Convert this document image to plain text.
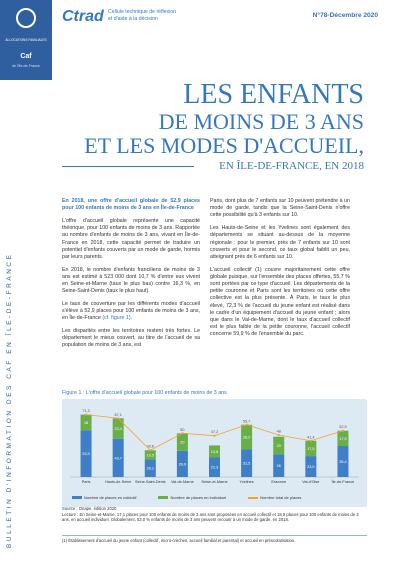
ALLOCATIONS FAMILIALES
Caf
de l'Île-de-France
BULLETIN D'INFORMATION DES CAF EN ÎLE-DE-FRANCE
Ctrad Cellule technique de réflexion et d'aide à la décision	N°78-Décembre 2020
LES ENFANTS
DE MOINS DE 3 ANS
ET LES MODES D'ACCUEIL,
EN ÎLE-DE-FRANCE, EN 2018

En 2018, une offre d'accueil globale de 52,9 places pour 100 enfants de moins de 3 ans en Île-de-France

L'offre d'accueil globale représente une capacité théorique, pour 100 enfants de moins de 3 ans. Rapportée au nombre d'enfants de moins de 3 ans, vivant en Île-de-France en 2018, cette capacité permet de traduire un potentiel d'enfants couverts par un mode de garde, hormis par leurs parents.

En 2018, le nombre d'enfants franciliens de moins de 3 ans est estimé à 523 000 dont 10,7 % d'entre eux vivent en Seine-et-Marne (taux le plus bas) contre 16,3 %, en Seine-Saint-Denis (taux le plus haut).

Le taux de couverture par les différents modes d'accueil s'élève à 52,9 places pour 100 enfants de moins de 3 ans, en Île-de-France (cf. figure 1).

Les disparités entre les territoires restent très fortes. Le département le mieux couvert, au titre de l'accueil de sa population de moins de 3 ans, est

Paris, dont plus de 7 enfants sur 10 peuvent prétendre à un mode de garde, tandis que la Seine-Saint-Denis n'offre cette possibilité qu'à 3 enfants sur 10.

Les Hauts-de-Seine et les Yvelines sont également des départements se situant au-dessus de la moyenne régionale : pour le premier, près de 7 enfants sur 10 sont couverts et pour le second, ce taux global faiblit un peu, atteignant près de 6 enfants sur 10.

L'accueil collectif (1) couvre majoritairement cette offre globale puisque, sur l'ensemble des places offertes, 55,7 % sont portées par ce type d'accueil. Les départements de la petite couronne et Paris sont les territoires où cette offre collective est la plus présente. À Paris, le taux le plus élevé, 72,3 % de l'accueil du jeune enfant est réalisé dans le cadre d'un équipement d'accueil du jeune enfant ; alors que dans le Val-de-Marne, dont le taux d'accueil collectif est le plus faible de la petite couronne, l'accueil collectif concerne 59,9 % de l'ensemble du parc.

Figure 1 : L'offre d'accueil globale pour 100 enfants de moins de 3 ans
53,3
18
71,3
Paris
43,7
23,4
67,1
Hauts-de-Seine
20,1
10,5
30,6
Seine-Saint-Denis
29,9
20
50
Val-de-Marne
22,3
13,8
47,2
Seine-et-Marne
31,5
28,2
59,7
Yvelines
26
20
48
Essonne
23,9
17,5
41,4
Val-d'Oise
35,4
17,5
52,9
Île-de-France
Nombre de places en collectif	Nombre de places en individuel	Nombre total de places
Source : Onape, édition 2020
Lecture : En Seine-et-Marne, 17,1 places pour 100 enfants de moins de 3 ans sont proposées en accueil collectif et 18,9 places pour 100 enfants de moins de 3 ans, en accueil individuel. Globalement, 53,0 % enfants de moins de 3 ans peuvent recourir à un mode de garde, en 2018.
(1) Établissement d'accueil du jeune enfant (collectif, micro-crèches, accueil familial et parental) et accueil en préscolarisation.
